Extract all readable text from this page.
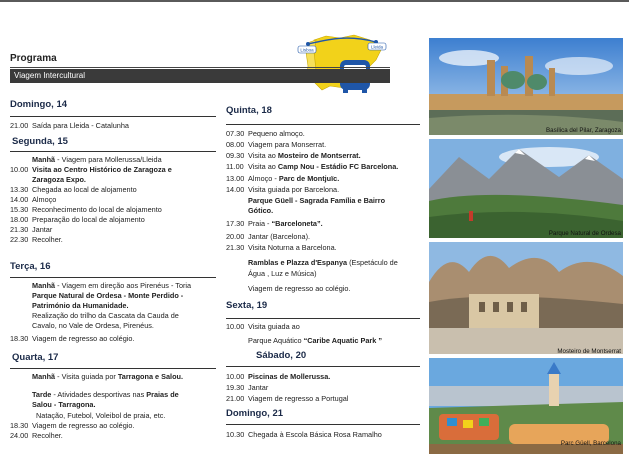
Lisboa
Lleida
Programa
Viagem Intercultural
Domingo, 14
21.00 Saída para Lleida - Catalunha
Segunda, 15
Manhã - Viagem para Mollerussa/Lleida
10.00 Visita ao Centro Histórico de Zaragoza e
Zaragoza Expo.
13.30 Chegada ao local de alojamento
14.00 Almoço
15.30 Reconhecimento do local de alojamento
18.00 Preparação do local de alojamento
21.30 Jantar
22.30 Recolher.
Terça, 16
Manhã - Viagem em direção aos Pirenéus - Toria
Parque Natural de Ordesa - Monte Perdido -
Património da Humanidade.
Realização do trilho da Cascata da Cauda de
Cavalo, no Vale de Ordesa, Pirenéus.
18.30 Viagem de regresso ao colégio.
Quarta, 17
Manhã - Visita guiada por Tarragona e Salou.
Tarde - Atividades desportivas nas Praias de
Salou - Tarragona.
Natação, Futebol, Voleibol de praia, etc.
18.30 Viagem de regresso ao colégio.
24.00 Recolher.
Quinta, 18
07.30 Pequeno almoço.
08.00 Viagem para Monserrat.
09.30 Visita ao Mosteiro de Montserrat.
11.00 Visita ao Camp Nou - Estádio FC Barcelona.
13.00 Almoço - Parc de Montjuïc.
14.00 Visita guiada por Barcelona.
Parque Güell - Sagrada Família e Bairro
Gótico.
17.30 Praia - “Barceloneta”.
20.00 Jantar (Barcelona).
21.30 Visita Noturna a Barcelona.
Ramblas e Plazza d'Espanya (Espetáculo de
Água , Luz e Música)
Viagem de regresso ao colégio.
Sexta, 19
10.00 Visita guiada ao
Parque Aquático “Caribe Aquatic Park ”
Sábado, 20
10.00 Piscinas de Mollerussa.
19.30 Jantar
21.00 Viagem de regresso a Portugal
Domingo, 21
10.30 Chegada à Escola Básica Rosa Ramalho
Basílica del Pilar, Zaragoza
Parque Natural de Ordesa
Mosteiro de Montserrat
Parc Güell, Barcelona
